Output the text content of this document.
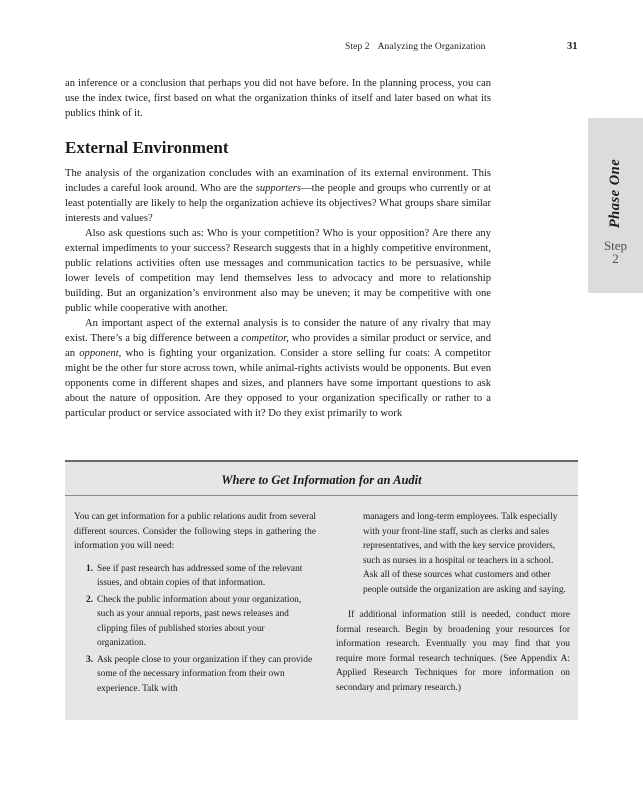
Step 2 Analyzing the Organization	31

an inference or a conclusion that perhaps you did not have before. In the planning process, you can use the index twice, first based on what the organization thinks of itself and later based on what its publics think of it.

External Environment

The analysis of the organization concludes with an examination of its external environment. This includes a careful look around. Who are the supporters—the people and groups who currently or at least potentially are likely to help the organization achieve its objectives? What groups share similar interests and values?

Also ask questions such as: Who is your competition? Who is your opposition? Are there any external impediments to your success? Research suggests that in a highly competitive environment, public relations activities often use messages and communication tactics to be persuasive, while lower levels of competition may lend themselves less to advocacy and more to relationship building. But an organization’s environment also may be uneven; it may be competitive with one public while cooperative with another.

An important aspect of the external analysis is to consider the nature of any rivalry that may exist. There’s a big difference between a competitor, who provides a similar product or service, and an opponent, who is fighting your organization. Consider a store selling fur coats: A competitor might be the other fur store across town, while animal-rights activists would be opponents. But even opponents come in different shapes and sizes, and planners have some important questions to ask about the nature of opposition. Are they opposed to your organization specifically or rather to a particular product or service associated with it? Do they exist primarily to work

Phase One
Step
2
Where to Get Information for an Audit

You can get information for a public relations audit from several different sources. Consider the following steps in gathering the information you will need:

1. See if past research has addressed some of the relevant issues, and obtain copies of that information.
2. Check the public information about your organization, such as your annual reports, past news releases and clipping files of published stories about your organization.
3. Ask people close to your organization if they can provide some of the necessary information from their own experience. Talk with

managers and long-term employees. Talk especially with your front-line staff, such as clerks and sales representatives, and with the key service providers, such as nurses in a hospital or teachers in a school. Ask all of these sources what customers and other people outside the organization are asking and saying.

If additional information still is needed, conduct more formal research. Begin by broadening your resources for information research. Eventually you may find that you require more formal research techniques. (See Appendix A: Applied Research Techniques for more information on secondary and primary research.)
